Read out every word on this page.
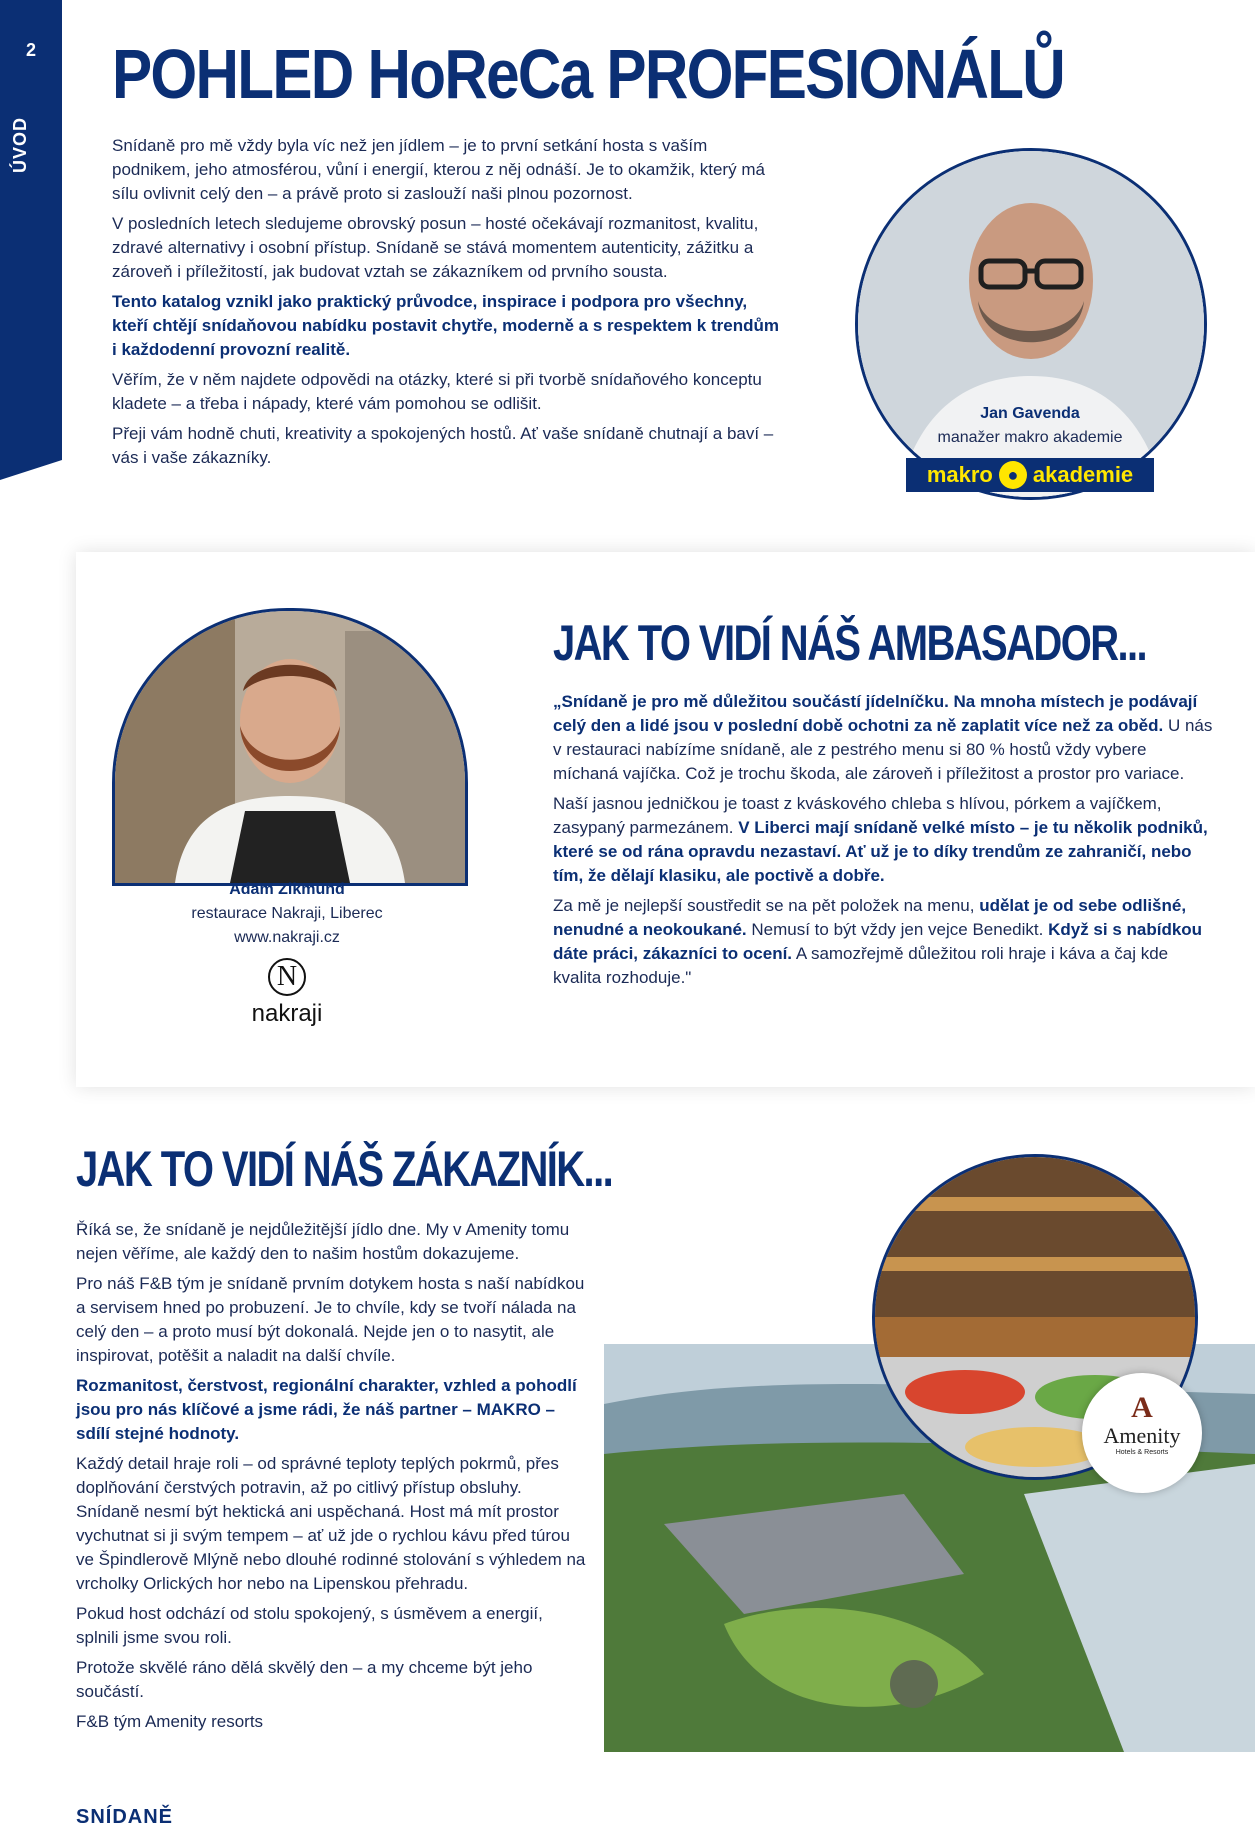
2
ÚVOD
POHLED HoReCa PROFESIONÁLŮ

Snídaně pro mě vždy byla víc než jen jídlem – je to první setkání hosta s vaším podnikem, jeho atmosférou, vůní i energií, kterou z něj odnáší. Je to okamžik, který má sílu ovlivnit celý den – a právě proto si zaslouží naši plnou pozornost.

V posledních letech sledujeme obrovský posun – hosté očekávají rozmanitost, kvalitu, zdravé alternativy i osobní přístup. Snídaně se stává momentem autenticity, zážitku a zároveň i příležitostí, jak budovat vztah se zákazníkem od prvního sousta.

Tento katalog vznikl jako praktický průvodce, inspirace i podpora pro všechny, kteří chtějí snídaňovou nabídku postavit chytře, moderně a s respektem k trendům i každodenní provozní realitě.

Věřím, že v něm najdete odpovědi na otázky, které si při tvorbě snídaňového konceptu kladete – a třeba i nápady, které vám pomohou se odlišit.

Přeji vám hodně chuti, kreativity a spokojených hostů. Ať vaše snídaně chutnají a baví – vás i vaše zákazníky.

Jan Gavenda
manažer makro akademie
makro ● akademie
Adam Zikmund
restaurace Nakraji, Liberec
www.nakraji.cz
N
nakraji
JAK TO VIDÍ NÁŠ AMBASADOR...

„Snídaně je pro mě důležitou součástí jídelníčku. Na mnoha místech je podávají celý den a lidé jsou v poslední době ochotni za ně zaplatit více než za oběd. U nás v restauraci nabízíme snídaně, ale z pestrého menu si 80 % hostů vždy vybere míchaná vajíčka. Což je trochu škoda, ale zároveň i příležitost a prostor pro variace.

Naší jasnou jedničkou je toast z kváskového chleba s hlívou, pórkem a vajíčkem, zasypaný parmezánem. V Liberci mají snídaně velké místo – je tu několik podniků, které se od rána opravdu nezastaví. Ať už je to díky trendům ze zahraničí, nebo tím, že dělají klasiku, ale poctivě a dobře.

Za mě je nejlepší soustředit se na pět položek na menu, udělat je od sebe odlišné, nenudné a neokoukané. Nemusí to být vždy jen vejce Benedikt. Když si s nabídkou dáte práci, zákazníci to ocení. A samozřejmě důležitou roli hraje i káva a čaj kde kvalita rozhoduje."

JAK TO VIDÍ NÁŠ ZÁKAZNÍK...

Říká se, že snídaně je nejdůležitější jídlo dne. My v Amenity tomu nejen věříme, ale každý den to našim hostům dokazujeme.

Pro náš F&B tým je snídaně prvním dotykem hosta s naší nabídkou a servisem hned po probuzení. Je to chvíle, kdy se tvoří nálada na celý den – a proto musí být dokonalá. Nejde jen o to nasytit, ale inspirovat, potěšit a naladit na další chvíle.

Rozmanitost, čerstvost, regionální charakter, vzhled a pohodlí jsou pro nás klíčové a jsme rádi, že náš partner – MAKRO – sdílí stejné hodnoty.

Každý detail hraje roli – od správné teploty teplých pokrmů, přes doplňování čerstvých potravin, až po citlivý přístup obsluhy. Snídaně nesmí být hektická ani uspěchaná. Host má mít prostor vychutnat si ji svým tempem – ať už jde o rychlou kávu před túrou ve Špindlerově Mlýně nebo dlouhé rodinné stolování s výhledem na vrcholky Orlických hor nebo na Lipenskou přehradu.

Pokud host odchází od stolu spokojený, s úsměvem a energií, splnili jsme svou roli.

Protože skvělé ráno dělá skvělý den – a my chceme být jeho součástí.

F&B tým Amenity resorts

A
Amenity
Hotels & Resorts
SNÍDANĚ
